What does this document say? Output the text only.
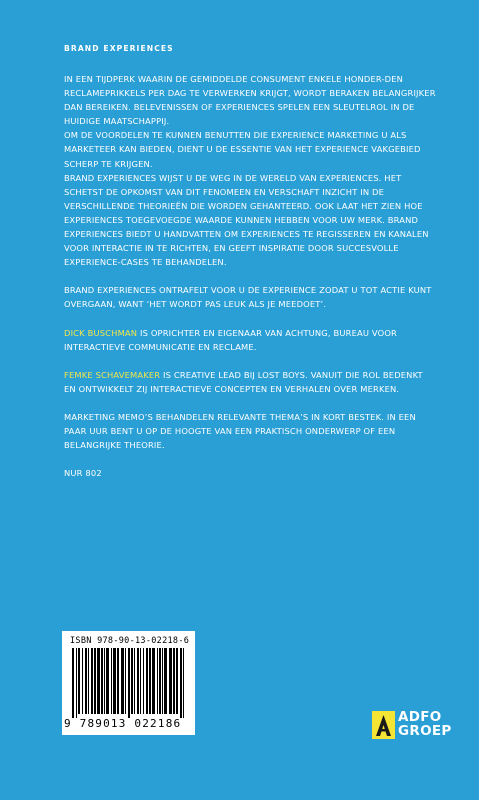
BRAND EXPERIENCES

IN EEN TIJDPERK WAARIN DE GEMIDDELDE CONSUMENT ENKELE HONDER-DEN RECLAMEPRIKKELS PER DAG TE VERWERKEN KRIJGT, WORDT BERAKEN BELANGRIJKER DAN BEREIKEN. BELEVENISSEN OF EXPERIENCES SPELEN EEN SLEUTELROL IN DE HUIDIGE MAATSCHAPPIJ.

OM DE VOORDELEN TE KUNNEN BENUTTEN DIE EXPERIENCE MARKETING U ALS MARKETEER KAN BIEDEN, DIENT U DE ESSENTIE VAN HET EXPERIENCE VAKGEBIED SCHERP TE KRIJGEN.

BRAND EXPERIENCES WIJST U DE WEG IN DE WERELD VAN EXPERIENCES. HET SCHETST DE OPKOMST VAN DIT FENOMEEN EN VERSCHAFT INZICHT IN DE VERSCHILLENDE THEORIEËN DIE WORDEN GEHANTEERD. OOK LAAT HET ZIEN HOE EXPERIENCES TOEGEVOEGDE WAARDE KUNNEN HEBBEN VOOR UW MERK. BRAND EXPERIENCES BIEDT U HANDVATTEN OM EXPERIENCES TE REGISSEREN EN KANALEN VOOR INTERACTIE IN TE RICHTEN, EN GEEFT INSPIRATIE DOOR SUCCESVOLLE EXPERIENCE-CASES TE BEHANDELEN.

BRAND EXPERIENCES ONTRAFELT VOOR U DE EXPERIENCE ZODAT U TOT ACTIE KUNT OVERGAAN, WANT ‘HET WORDT PAS LEUK ALS JE MEEDOET’.

DICK BUSCHMAN IS OPRICHTER EN EIGENAAR VAN ACHTUNG, BUREAU VOOR INTERACTIEVE COMMUNICATIE EN RECLAME.

FEMKE SCHAVEMAKER IS CREATIVE LEAD BIJ LOST BOYS. VANUIT DIE ROL BEDENKT EN ONTWIKKELT ZIJ INTERACTIEVE CONCEPTEN EN VERHALEN OVER MERKEN.

MARKETING MEMO’S BEHANDELEN RELEVANTE THEMA’S IN KORT BESTEK. IN EEN PAAR UUR BENT U OP DE HOOGTE VAN EEN PRAKTISCH ONDERWERP OF EEN BELANGRIJKE THEORIE.

NUR 802

ISBN 978-90-13-02218-6
9 789013 022186	ADFO
GROEP
